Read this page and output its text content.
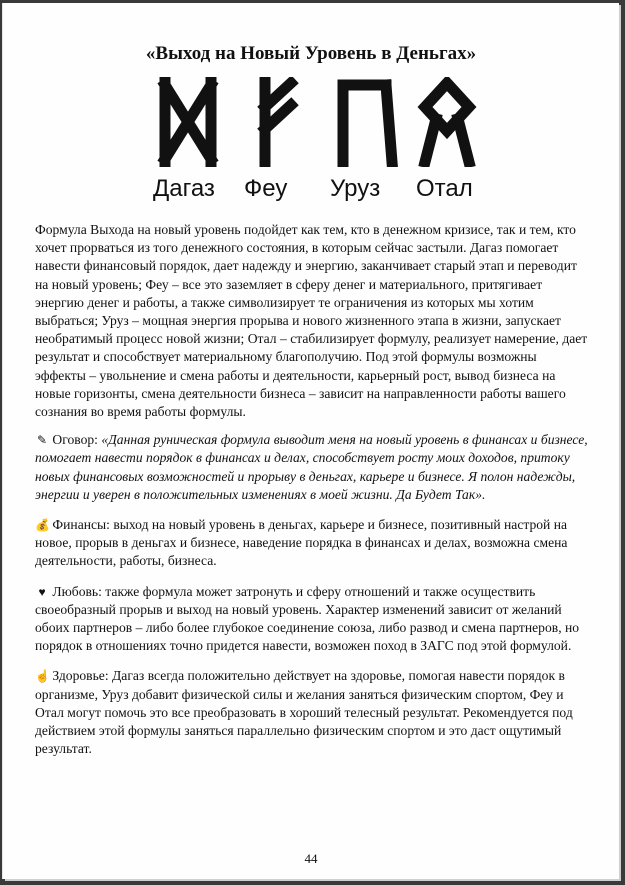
«Выход на Новый Уровень в Деньгах»
Дагаз Феу Уруз Отал

Формула Выхода на новый уровень подойдет как тем, кто в денежном кризисе, так и тем, кто хочет прорваться из того денежного состояния, в которым сейчас застыли. Дагаз помогает навести финансовый порядок, дает надежду и энергию, заканчивает старый этап и переводит на новый уровень; Феу – все это заземляет в сферу денег и материального, притягивает энергию денег и работы, а также символизирует те ограничения из которых мы хотим выбраться; Уруз – мощная энергия прорыва и нового жизненного этапа в жизни, запускает необратимый процесс новой жизни; Отал – стабилизирует формулу, реализует намерение, дает результат и способствует материальному благополучию. Под этой формулы возможны эффекты – увольнение и смена работы и деятельности, карьерный рост, вывод бизнеса на новые горизонты, смена деятельности бизнеса – зависит на направленности работы вашего сознания во время работы формулы.

✎ Оговор: «Данная руническая формула выводит меня на новый уровень в финансах и бизнесе, помогает навести порядок в финансах и делах, способствует росту моих доходов, притоку новых финансовых возможностей и прорыву в деньгах, карьере и бизнесе. Я полон надежды, энергии и уверен в положительных изменениях в моей жизни. Да Будет Так».

💰 Финансы: выход на новый уровень в деньгах, карьере и бизнесе, позитивный настрой на новое, прорыв в деньгах и бизнесе, наведение порядка в финансах и делах, возможна смена деятельности, работы, бизнеса.

♥ Любовь: также формула может затронуть и сферу отношений и также осуществить своеобразный прорыв и выход на новый уровень. Характер изменений зависит от желаний обоих партнеров – либо более глубокое соединение союза, либо развод и смена партнеров, но порядок в отношениях точно придется навести, возможен поход в ЗАГС под этой формулой.

☝ Здоровье: Дагаз всегда положительно действует на здоровье, помогая навести порядок в организме, Уруз добавит физической силы и желания заняться физическим спортом, Феу и Отал могут помочь это все преобразовать в хороший телесный результат. Рекомендуется под действием этой формулы заняться параллельно физическим спортом и это даст ощутимый результат.

44
